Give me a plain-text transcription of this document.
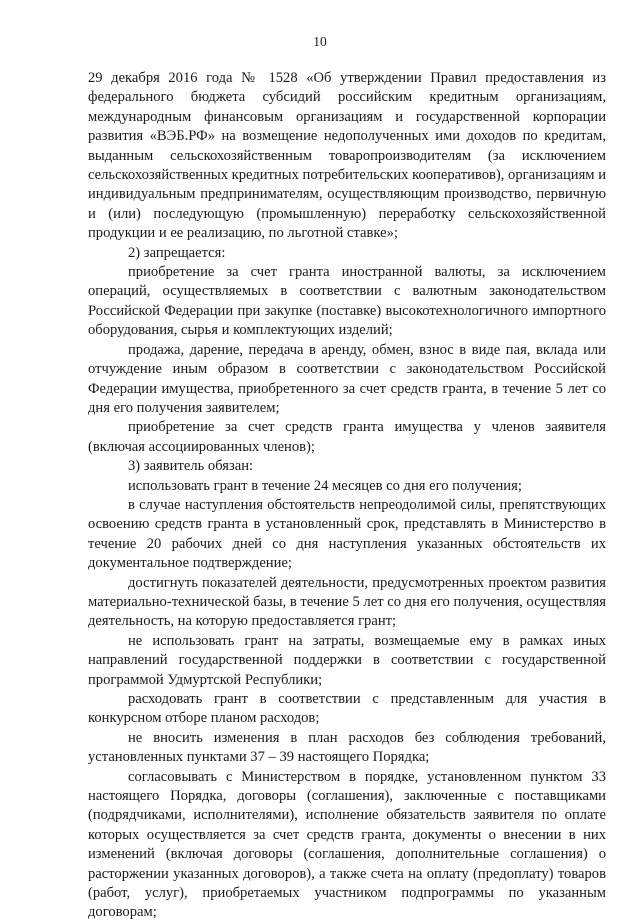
10

29 декабря 2016 года № 1528 «Об утверждении Правил предоставления из федерального бюджета субсидий российским кредитным организациям, международным финансовым организациям и государственной корпорации развития «ВЭБ.РФ» на возмещение недополученных ими доходов по кредитам, выданным сельскохозяйственным товаропроизводителям (за исключением сельскохозяйственных кредитных потребительских кооперативов), организациям и индивидуальным предпринимателям, осуществляющим производство, первичную и (или) последующую (промышленную) переработку сельскохозяйственной продукции и ее реализацию, по льготной ставке»;

2) запрещается:

приобретение за счет гранта иностранной валюты, за исключением операций, осуществляемых в соответствии с валютным законодательством Российской Федерации при закупке (поставке) высокотехнологичного импортного оборудования, сырья и комплектующих изделий;

продажа, дарение, передача в аренду, обмен, взнос в виде пая, вклада или отчуждение иным образом в соответствии с законодательством Российской Федерации имущества, приобретенного за счет средств гранта, в течение 5 лет со дня его получения заявителем;

приобретение за счет средств гранта имущества у членов заявителя (включая ассоциированных членов);

3) заявитель обязан:

использовать грант в течение 24 месяцев со дня его получения;

в случае наступления обстоятельств непреодолимой силы, препятствующих освоению средств гранта в установленный срок, представлять в Министерство в течение 20 рабочих дней со дня наступления указанных обстоятельств их документальное подтверждение;

достигнуть показателей деятельности, предусмотренных проектом развития материально-технической базы, в течение 5 лет со дня его получения, осуществляя деятельность, на которую предоставляется грант;

не использовать грант на затраты, возмещаемые ему в рамках иных направлений государственной поддержки в соответствии с государственной программой Удмуртской Республики;

расходовать грант в соответствии с представленным для участия в конкурсном отборе планом расходов;

не вносить изменения в план расходов без соблюдения требований, установленных пунктами 37 – 39 настоящего Порядка;

согласовывать с Министерством в порядке, установленном пунктом 33 настоящего Порядка, договоры (соглашения), заключенные с поставщиками (подрядчиками, исполнителями), исполнение обязательств заявителя по оплате которых осуществляется за счет средств гранта, документы о внесении в них изменений (включая договоры (соглашения, дополнительные соглашения) о расторжении указанных договоров), а также счета на оплату (предоплату) товаров (работ, услуг), приобретаемых участником подпрограммы по указанным договорам;
